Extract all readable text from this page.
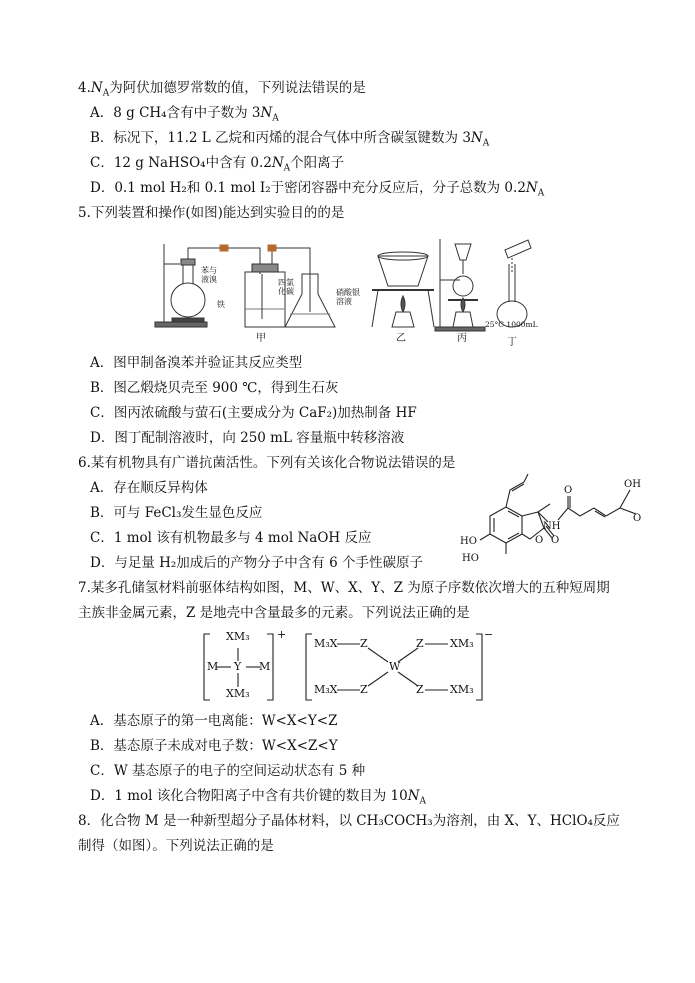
$4.N_A$为阿伏加德罗常数的值，下列说法错误的是
A．8 g CH₄含有中子数为 $3N_A$
B．标况下，11.2 L 乙烷和丙烯的混合气体中所含碳氢键数为 $3N_A$
C．12 g NaHSO₄中含有 $0.2N_A$个阳离子
D．0.1 mol H₂和 0.1 mol I₂于密闭容器中充分反应后，分子总数为 $0.2N_A$
5.下列装置和操作(如图)能达到实验目的的是
苯与液溴
铁
四氯化碳	硝酸银溶液
甲	乙	丙	丁
25°C 1000mL
A．图甲制备溴苯并验证其反应类型
B．图乙煅烧贝壳至 900 ℃，得到生石灰
C．图丙浓硫酸与萤石(主要成分为 CaF₂)加热制备 HF
D．图丁配制溶液时，向 250 mL 容量瓶中转移溶液
6.某有机物具有广谱抗菌活性。下列有关该化合物说法错误的是
A．存在顺反异构体
B．可与 FeCl₃发生显色反应
C．1 mol 该有机物最多与 4 mol NaOH 反应
D．与足量 H₂加成后的产物分子中含有 6 个手性碳原子
OH
NH
HO
HO
O O
O
O
7.某多孔储氢材料前驱体结构如图，M、W、X、Y、Z 为原子序数依次增大的五种短周期
主族非金属元素，Z 是地壳中含量最多的元素。下列说法正确的是
XM₃
M Y M
XM₃
+
M₃X Z	Z XM₃
W
M₃X Z	Z XM₃
−
A．基态原子的第一电离能：W<X<Y<Z
B．基态原子未成对电子数：W<X<Z<Y
C．W 基态原子的电子的空间运动状态有 5 种
D．1 mol 该化合物阳离子中含有共价键的数目为 $10N_A$
8．化合物 M 是一种新型超分子晶体材料，以 CH₃COCH₃为溶剂，由 X、Y、HClO₄反应
制得（如图）。下列说法正确的是
